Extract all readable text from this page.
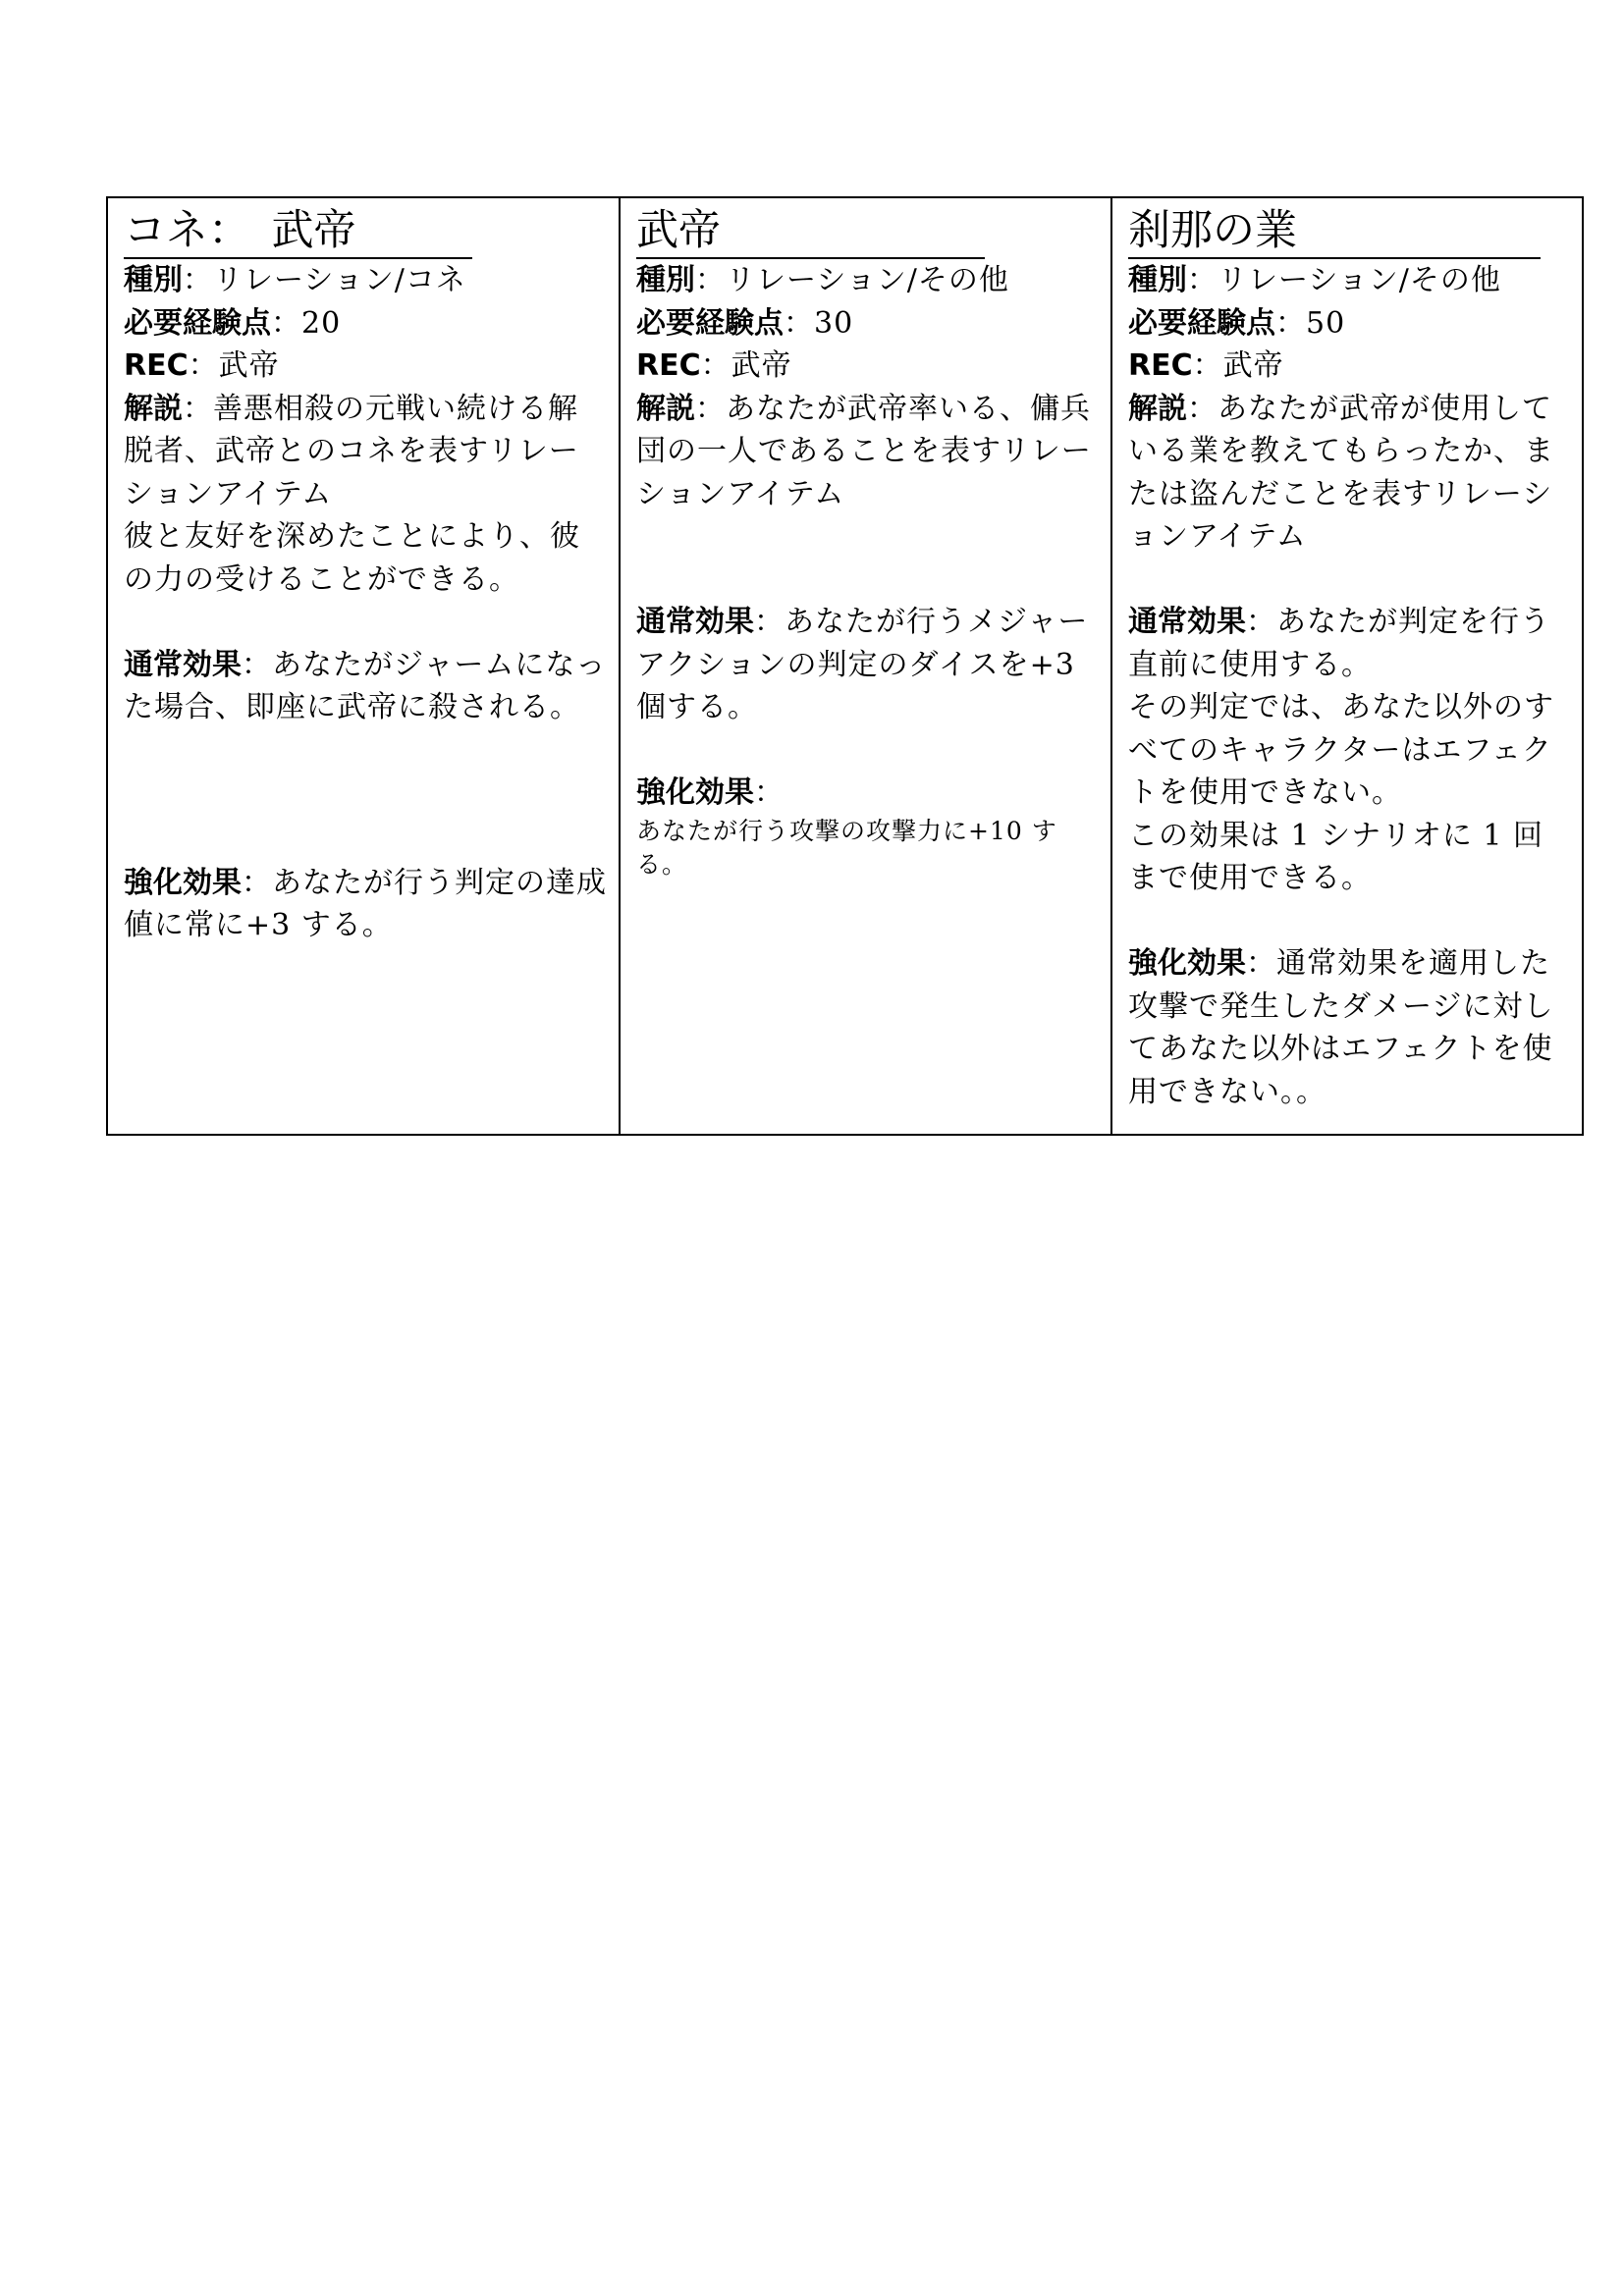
コネ：　武帝

種別：リレーション/コネ

必要経験点：20

REC：武帝

解説：善悪相殺の元戦い続ける解脱者、武帝とのコネを表すリレーションアイテム

彼と友好を深めたことにより、彼の力の受けることができる。

通常効果：あなたがジャームになった場合、即座に武帝に殺される。

強化効果：あなたが行う判定の達成値に常に+3 する。

武帝

種別：リレーション/その他

必要経験点：30

REC：武帝

解説：あなたが武帝率いる、傭兵団の一人であることを表すリレーションアイテム

通常効果：あなたが行うメジャーアクションの判定のダイスを+3 個する。

強化効果：

あなたが行う攻撃の攻撃力に+10 する。

刹那の業

種別：リレーション/その他

必要経験点：50

REC：武帝

解説：あなたが武帝が使用している業を教えてもらったか、または盗んだことを表すリレーションアイテム

通常効果：あなたが判定を行う直前に使用する。

その判定では、あなた以外のすべてのキャラクターはエフェクトを使用できない。

この効果は 1 シナリオに 1 回まで使用できる。

強化効果：通常効果を適用した攻撃で発生したダメージに対してあなた以外はエフェクトを使用できない。。
